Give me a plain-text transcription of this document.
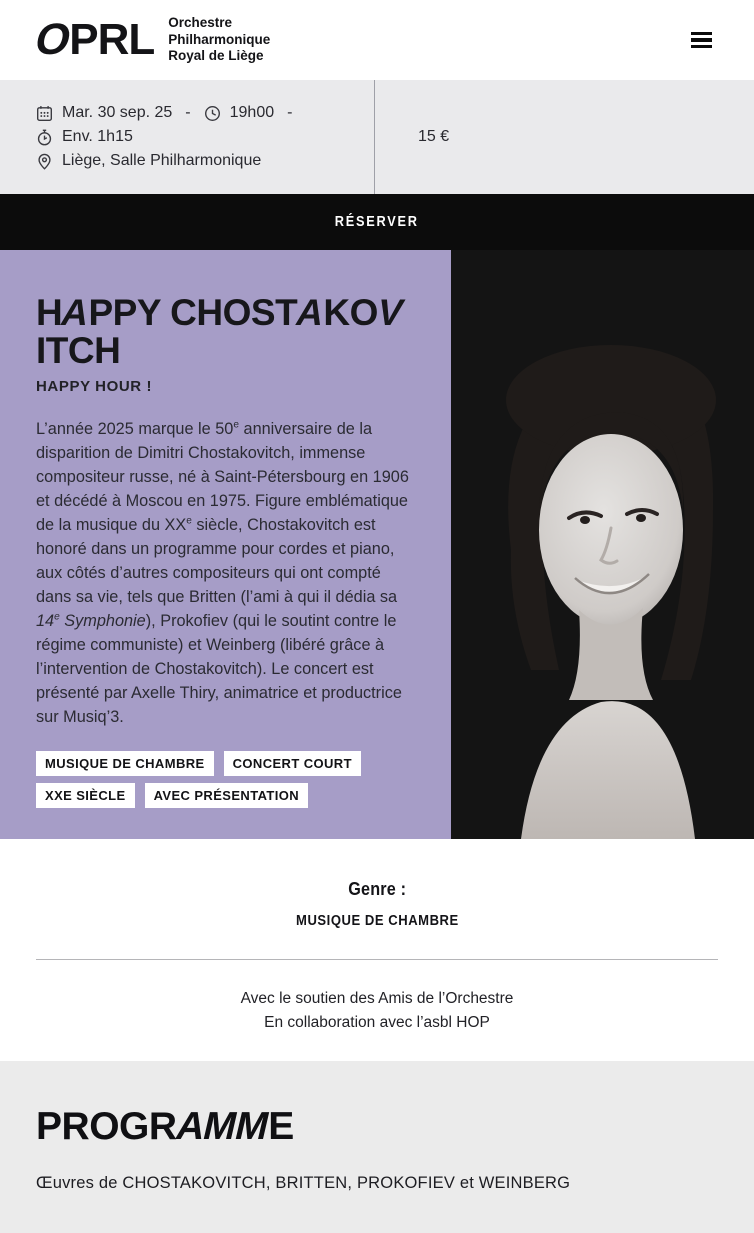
OPRL Orchestre
Philharmonique
Royal de Liège
Mar. 30 sep. 25 - 19h00 -
Env. 1h15
Liège, Salle Philharmonique
15 €
RÉSERVER
HAPPY CHOSTAKOVITCH
HAPPY HOUR !

L’année 2025 marque le 50e anniversaire de la disparition de Dimitri Chostakovitch, immense compositeur russe, né à Saint-Pétersbourg en 1906 et décédé à Moscou en 1975. Figure emblématique de la musique du XXe siècle, Chostakovitch est honoré dans un programme pour cordes et piano, aux côtés d’autres compositeurs qui ont compté dans sa vie, tels que Britten (l’ami à qui il dédia sa 14e Symphonie), Prokofiev (qui le soutint contre le régime communiste) et Weinberg (libéré grâce à l’intervention de Chostakovitch). Le concert est présenté par Axelle Thiry, animatrice et productrice sur Musiq’3.

MUSIQUE DE CHAMBRE	CONCERT COURT
XXE SIÈCLE	AVEC PRÉSENTATION
Genre :
MUSIQUE DE CHAMBRE

Avec le soutien des Amis de l’Orchestre

En collaboration avec l’asbl HOP

PROGRAMME

Œuvres de CHOSTAKOVITCH, BRITTEN, PROKOFIEV et WEINBERG
